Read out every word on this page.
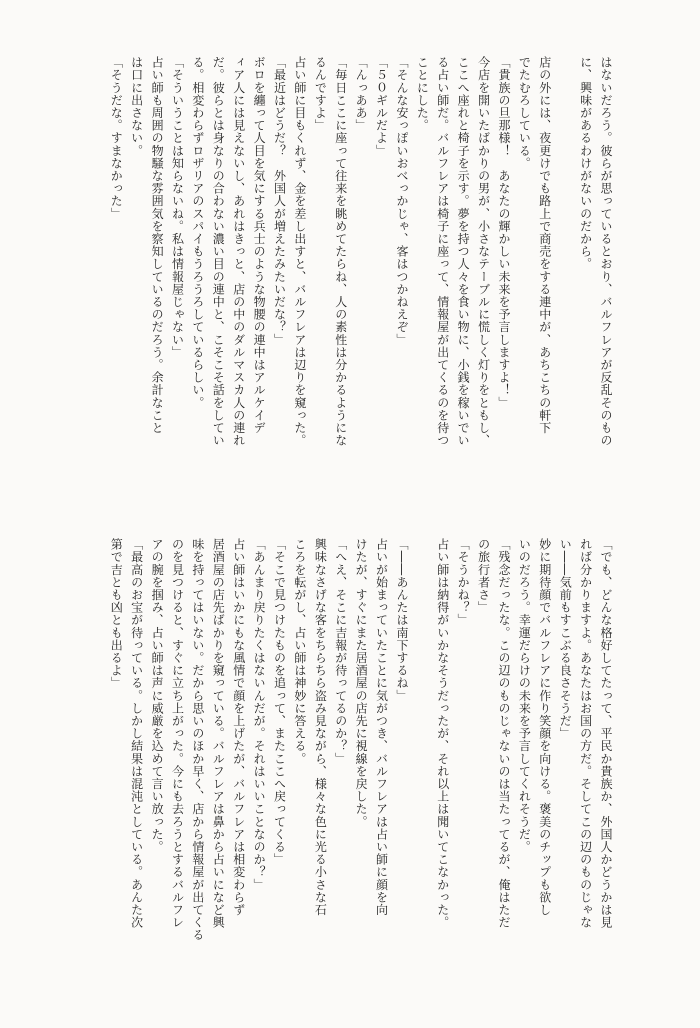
はないだろう。彼らが思っているとおり、バルフレアが反乱そのもの
に、興味があるわけがないのだから。

店の外には、夜更けでも路上で商売をする連中が、あちこちの軒下
でたむろしている。
「貴族の旦那様！　あなたの輝かしい未来を予言しますよ！」
今店を開いたばかりの男が、小さなテーブルに慌しく灯りをともし、
ここへ座れと椅子を示す。夢を持つ人々を食い物に、小銭を稼いでい
る占い師だ。バルフレアは椅子に座って、情報屋が出てくるのを待つ
ことにした。
「そんな安っぽいおべっかじゃ、客はつかねえぞ」
「５０ギルだよ」
「んっああ」
「毎日ここに座って往来を眺めてたらね、人の素性は分かるようにな
るんですよ」
占い師に目もくれず、金を差し出すと、バルフレアは辺りを窺った。
「最近はどうだ？　外国人が増えたみたいだな？」
ボロを纏って人目を気にする兵士のような物腰の連中はアルケイデ
ィア人には見えないし、あれはきっと、店の中のダルマスカ人の連れ
だ。彼らとは身なりの合わない濃い目の連中と、こそこそ話をしてい
る。相変わらずロザリアのスパイもうろうろしているらしい。
「そういうことは知らないね。私は情報屋じゃない」
占い師も周囲の物騒な雰囲気を察知しているのだろう。余計なこと
は口に出さない。
「そうだな。すまなかった」
「でも、どんな格好してたって、平民か貴族か、外国人かどうかは見
れば分かりますよ。あなたはお国の方だ。そしてこの辺のものじゃな
い――気前もすこぶる良さそうだ」
妙に期待顔でバルフレアに作り笑顔を向ける。褒美のチップも欲し
いのだろう。幸運だらけの未来を予言してくれそうだ。
「残念だったな。この辺のものじゃないのは当たってるが、俺はただ
の旅行者さ」
「そうかね？」
占い師は納得がいかなそうだったが、それ以上は聞いてこなかった。

「――あんたは南下するね」
占いが始まっていたことに気がつき、バルフレアは占い師に顔を向
けたが、すぐにまた居酒屋の店先に視線を戻した。
「へえ、そこに吉報が待ってるのか？」
興味なさげな客をちらちら盗み見ながら、様々な色に光る小さな石
ころを転がし、占い師は神妙に答える。
「そこで見つけたものを追って、またここへ戻ってくる」
「あんまり戻りたくはないんだが。それはいいことなのか？」
占い師はいかにもな風情で顔を上げたが、バルフレアは相変わらず
居酒屋の店先ばかりを窺っている。バルフレアは鼻から占いになど興
味を持ってはいない。だから思いのほか早く、店から情報屋が出てくる
のを見つけると、すぐに立ち上がった。今にも去ろうとするバルフレ
アの腕を掴み、占い師は声に威厳を込めて言い放った。
「最高のお宝が待っている。しかし結果は混沌としている。あんた次
第で吉とも凶とも出るよ」
